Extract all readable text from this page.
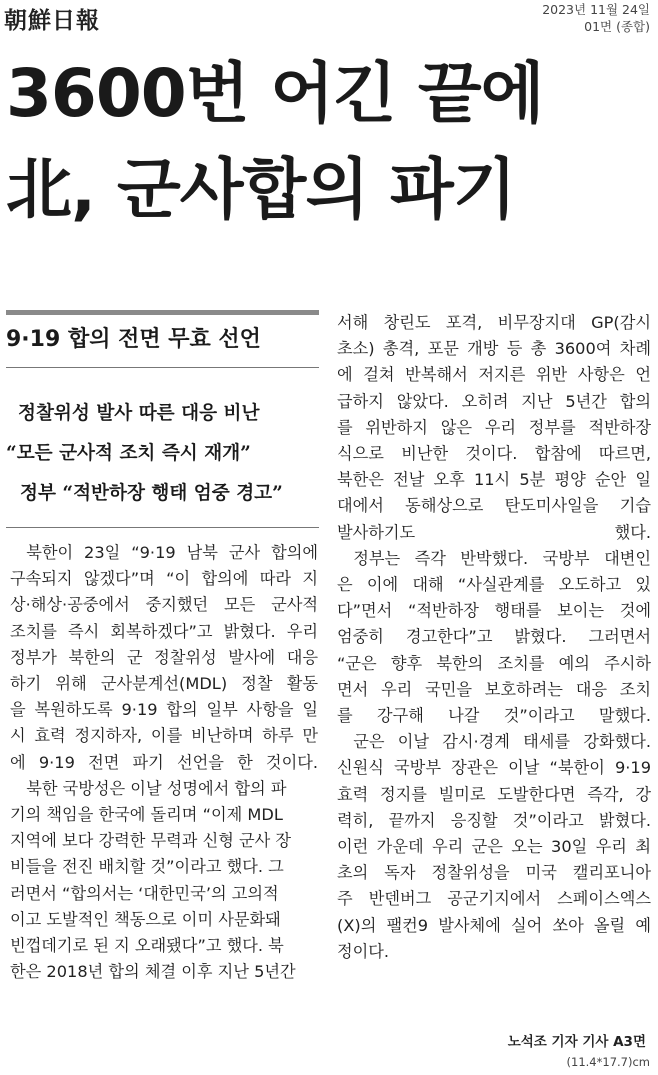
朝鮮日報	2023년 11월 24일
01면 (종합)
3600번 어긴 끝에
北, 군사합의 파기
9·19 합의 전면 무효 선언
정찰위성 발사 따른 대응 비난
“모든 군사적 조치 즉시 재개”
정부 “적반하장 행태 엄중 경고”

북한이 23일 “9·19 남북 군사 합의에
구속되지 않겠다”며 “이 합의에 따라 지
상·해상·공중에서 중지했던 모든 군사적
조치를 즉시 회복하겠다”고 밝혔다. 우리
정부가 북한의 군 정찰위성 발사에 대응
하기 위해 군사분계선(MDL) 정찰 활동
을 복원하도록 9·19 합의 일부 사항을 일
시 효력 정지하자, 이를 비난하며 하루 만
에 9·19 전면 파기 선언을 한 것이다.

북한 국방성은 이날 성명에서 합의 파
기의 책임을 한국에 돌리며 “이제 MDL
지역에 보다 강력한 무력과 신형 군사 장
비들을 전진 배치할 것”이라고 했다. 그
러면서 “합의서는 ‘대한민국’의 고의적
이고 도발적인 책동으로 이미 사문화돼
빈껍데기로 된 지 오래됐다”고 했다. 북
한은 2018년 합의 체결 이후 지난 5년간

서해 창린도 포격, 비무장지대 GP(감시
초소) 총격, 포문 개방 등 총 3600여 차례
에 걸쳐 반복해서 저지른 위반 사항은 언
급하지 않았다. 오히려 지난 5년간 합의
를 위반하지 않은 우리 정부를 적반하장
식으로 비난한 것이다. 합참에 따르면,
북한은 전날 오후 11시 5분 평양 순안 일
대에서 동해상으로 탄도미사일을 기습
발사하기도 했다.

정부는 즉각 반박했다. 국방부 대변인
은 이에 대해 “사실관계를 오도하고 있
다”면서 “적반하장 행태를 보이는 것에
엄중히 경고한다”고 밝혔다. 그러면서
“군은 향후 북한의 조치를 예의 주시하
면서 우리 국민을 보호하려는 대응 조치
를 강구해 나갈 것”이라고 말했다.

군은 이날 감시·경계 태세를 강화했다.
신원식 국방부 장관은 이날 “북한이 9·19
효력 정지를 빌미로 도발한다면 즉각, 강
력히, 끝까지 응징할 것”이라고 밝혔다.
이런 가운데 우리 군은 오는 30일 우리 최
초의 독자 정찰위성을 미국 캘리포니아
주 반덴버그 공군기지에서 스페이스엑스
(X)의 팰컨9 발사체에 실어 쏘아 올릴 예
정이다.

노석조 기자 기사 A3면
(11.4*17.7)cm
